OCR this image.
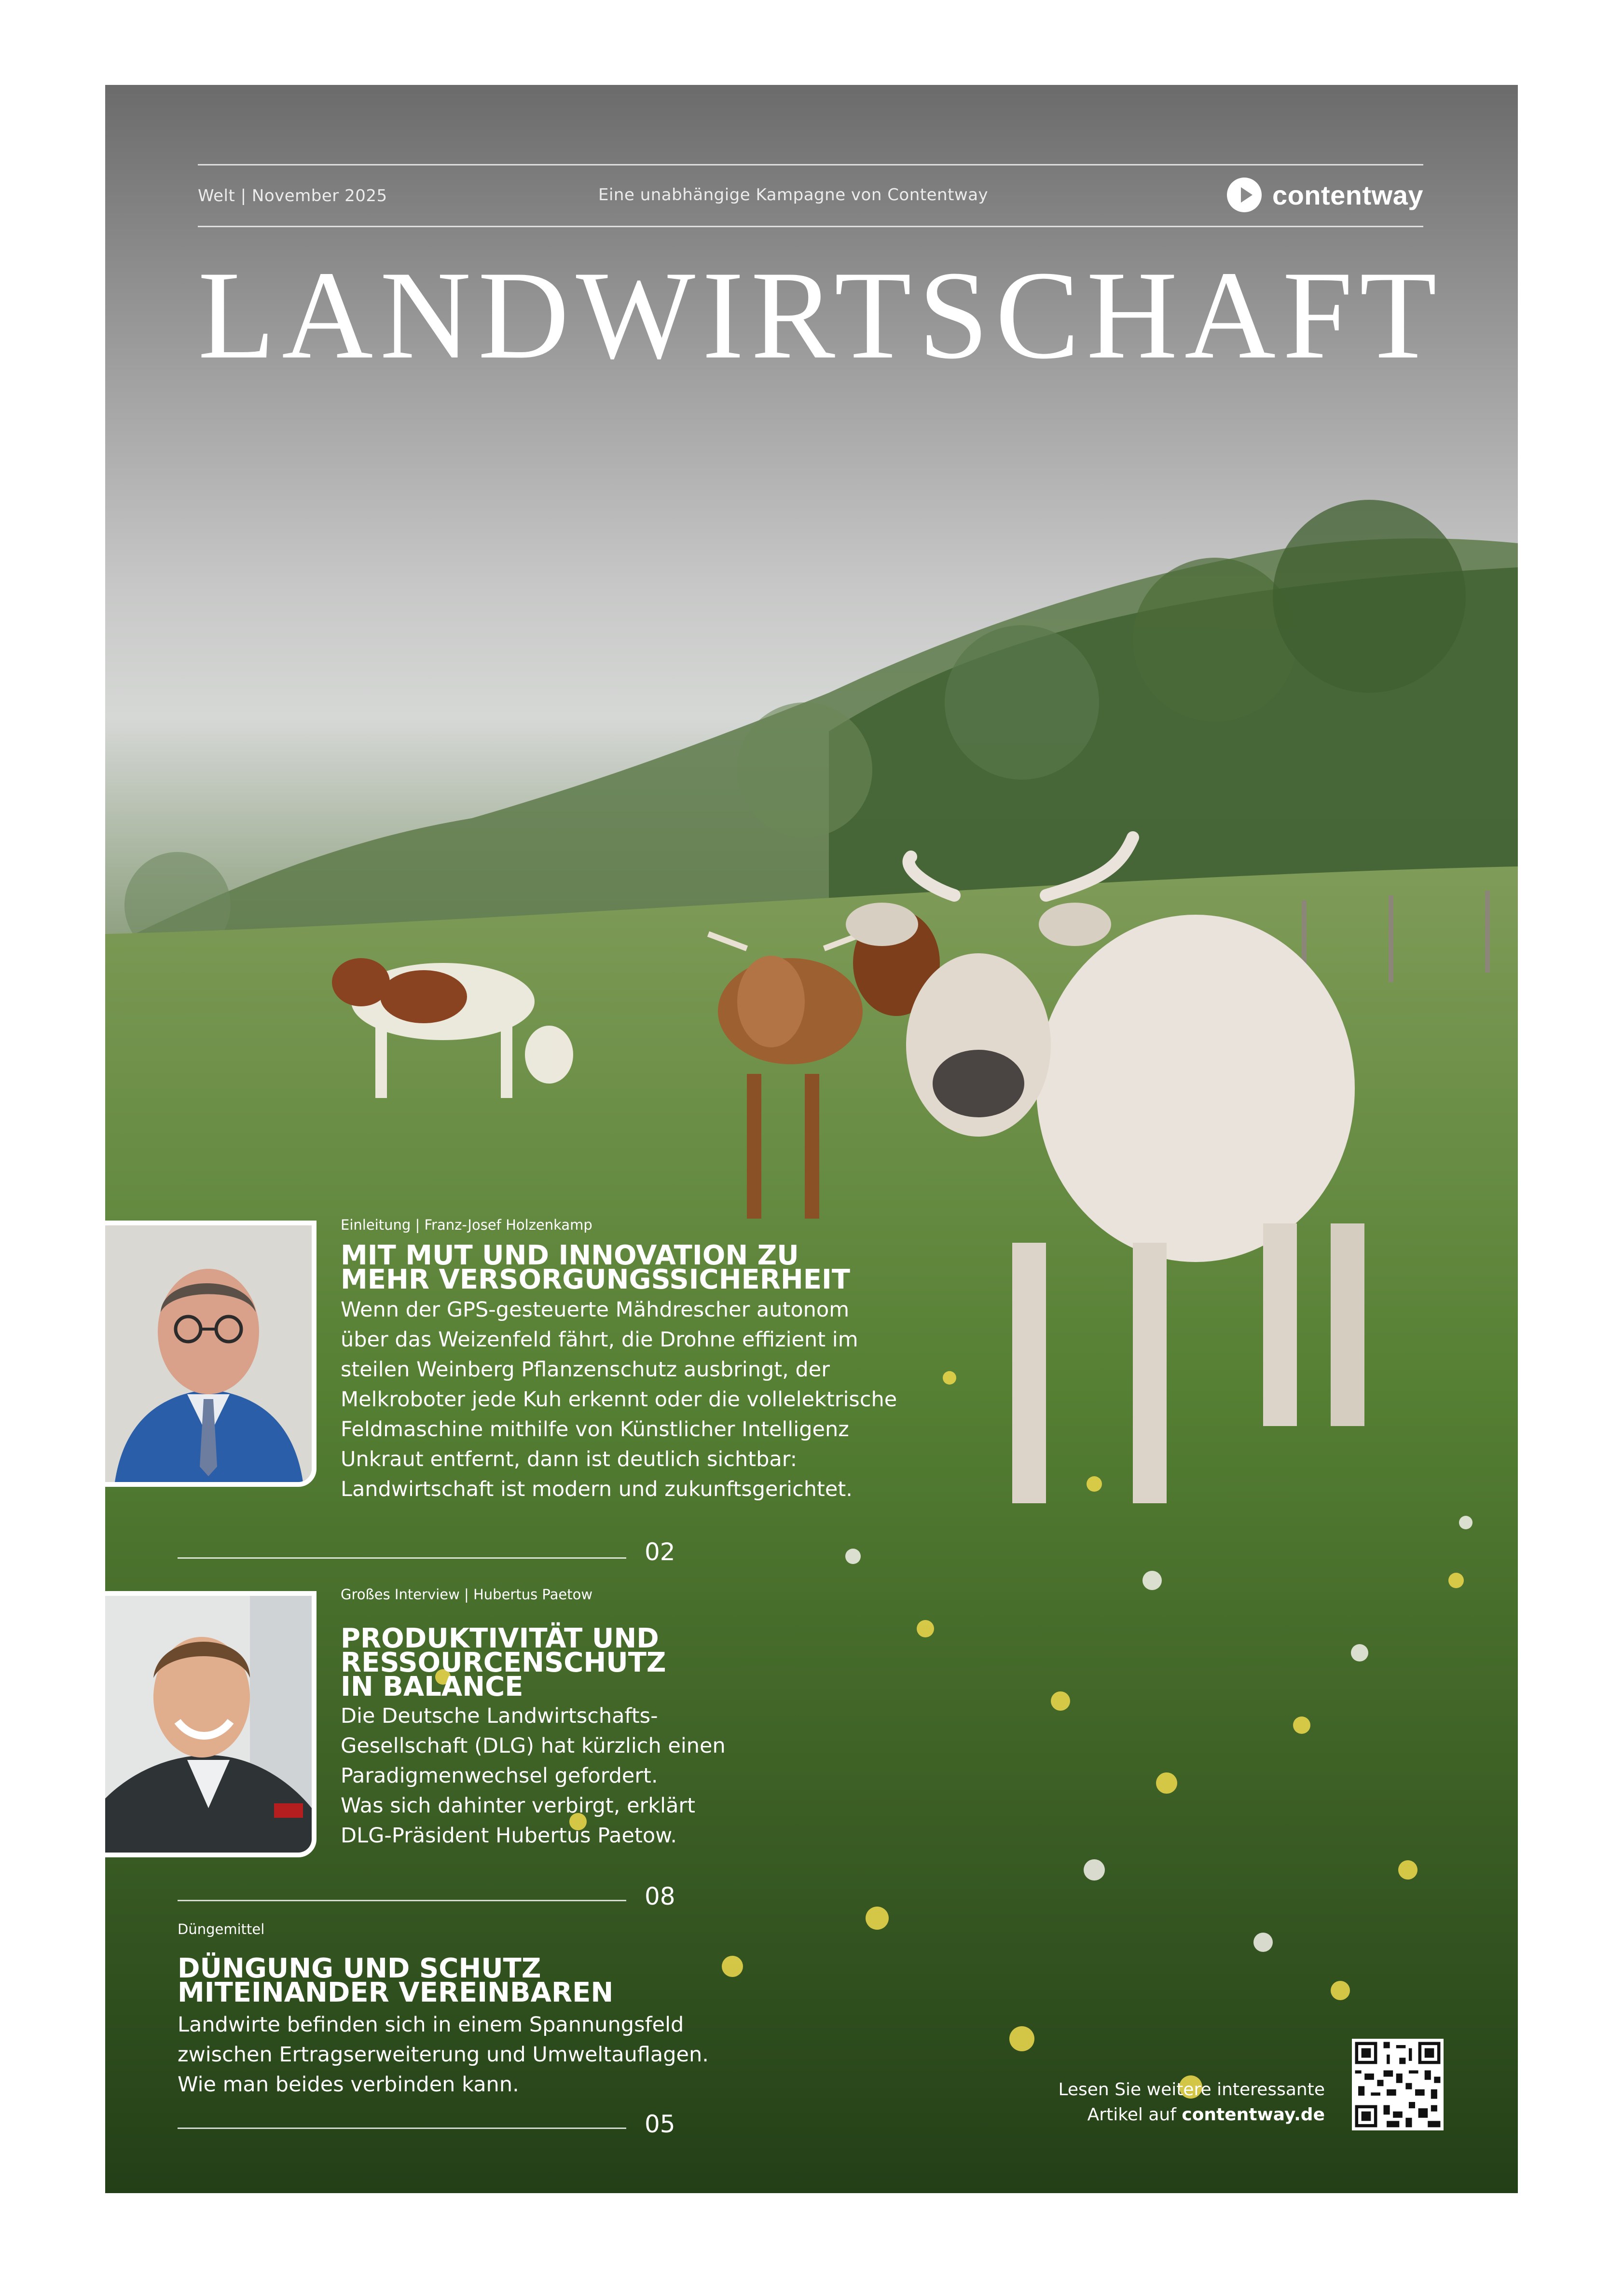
Welt | November 2025	Eine unabhängige Kampagne von Contentway	contentway
LANDWIRTSCHAFT
Einleitung | Franz-Josef Holzenkamp
MIT MUT UND INNOVATION ZU
MEHR VERSORGUNGSSICHERHEIT
Wenn der GPS-gesteuerte Mähdrescher autonom
über das Weizenfeld fährt, die Drohne effizient im
steilen Weinberg Pflanzenschutz ausbringt, der
Melkroboter jede Kuh erkennt oder die vollelektrische
Feldmaschine mithilfe von Künstlicher Intelligenz
Unkraut entfernt, dann ist deutlich sichtbar:
Landwirtschaft ist modern und zukunftsgerichtet.
02
Großes Interview | Hubertus Paetow
PRODUKTIVITÄT UND
RESSOURCENSCHUTZ
IN BALANCE
Die Deutsche Landwirtschafts-
Gesellschaft (DLG) hat kürzlich einen
Paradigmenwechsel gefordert.
Was sich dahinter verbirgt, erklärt
DLG-Präsident Hubertus Paetow.
08
Düngemittel
DÜNGUNG UND SCHUTZ
MITEINANDER VEREINBAREN
Landwirte befinden sich in einem Spannungsfeld
zwischen Ertragserweiterung und Umweltauflagen.
Wie man beides verbinden kann.
05
Lesen Sie weitere interessante
Artikel auf contentway.de
